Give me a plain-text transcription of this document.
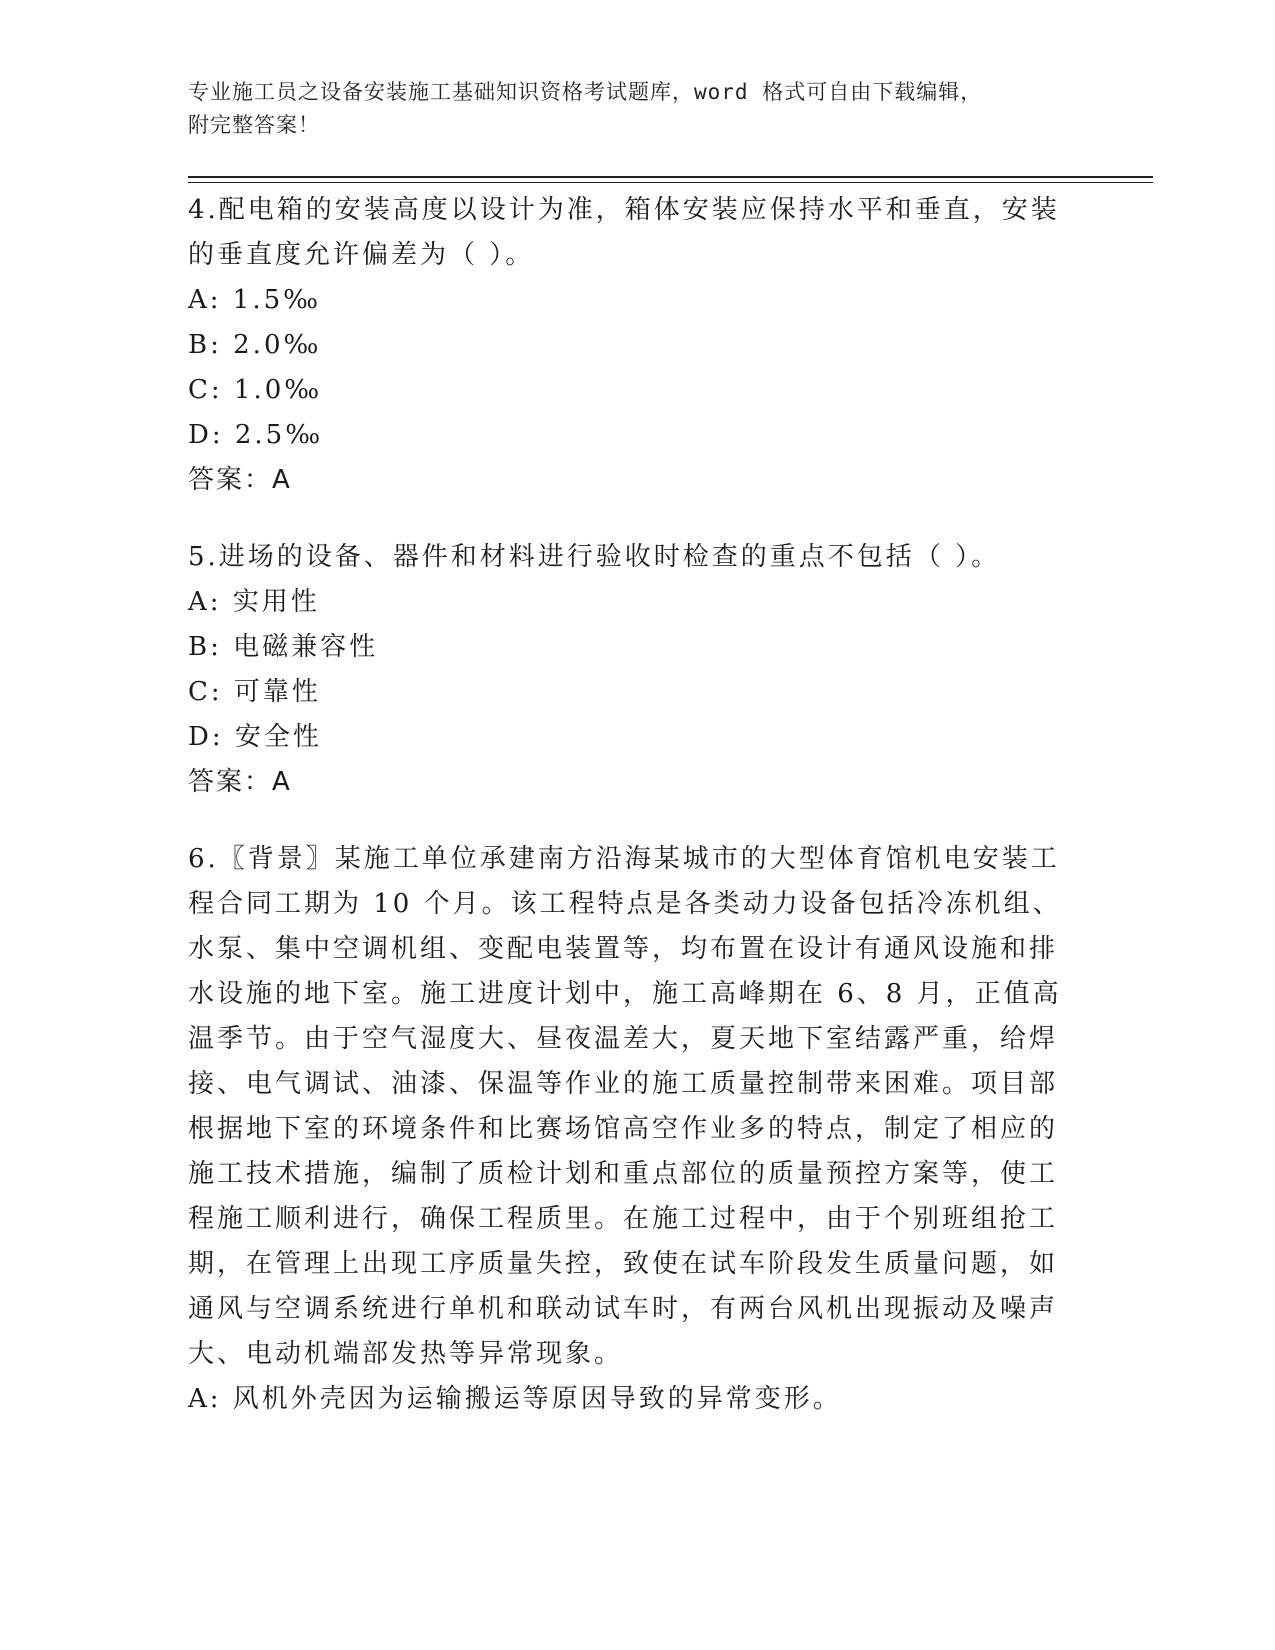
专业施工员之设备安装施工基础知识资格考试题库，word 格式可自由下载编辑，
附完整答案！

4.配电箱的安装高度以设计为准，箱体安装应保持水平和垂直，安装的垂直度允许偏差为（ ）。

A: 1.5‰

B: 2.0‰

C: 1.0‰

D: 2.5‰

答案：A

5.进场的设备、器件和材料进行验收时检查的重点不包括（ ）。

A: 实用性

B: 电磁兼容性

C: 可靠性

D: 安全性

答案：A

6.〖背景〗某施工单位承建南方沿海某城市的大型体育馆机电安装工程合同工期为 10 个月。该工程特点是各类动力设备包括冷冻机组、水泵、集中空调机组、变配电装置等，均布置在设计有通风设施和排水设施的地下室。施工进度计划中，施工高峰期在 6、8 月，正值高温季节。由于空气湿度大、昼夜温差大，夏天地下室结露严重，给焊接、电气调试、油漆、保温等作业的施工质量控制带来困难。项目部根据地下室的环境条件和比赛场馆高空作业多的特点，制定了相应的施工技术措施，编制了质检计划和重点部位的质量预控方案等，使工程施工顺利进行，确保工程质里。在施工过程中，由于个别班组抢工期，在管理上出现工序质量失控，致使在试车阶段发生质量问题，如通风与空调系统进行单机和联动试车时，有两台风机出现振动及噪声大、电动机端部发热等异常现象。

A: 风机外壳因为运输搬运等原因导致的异常变形。
